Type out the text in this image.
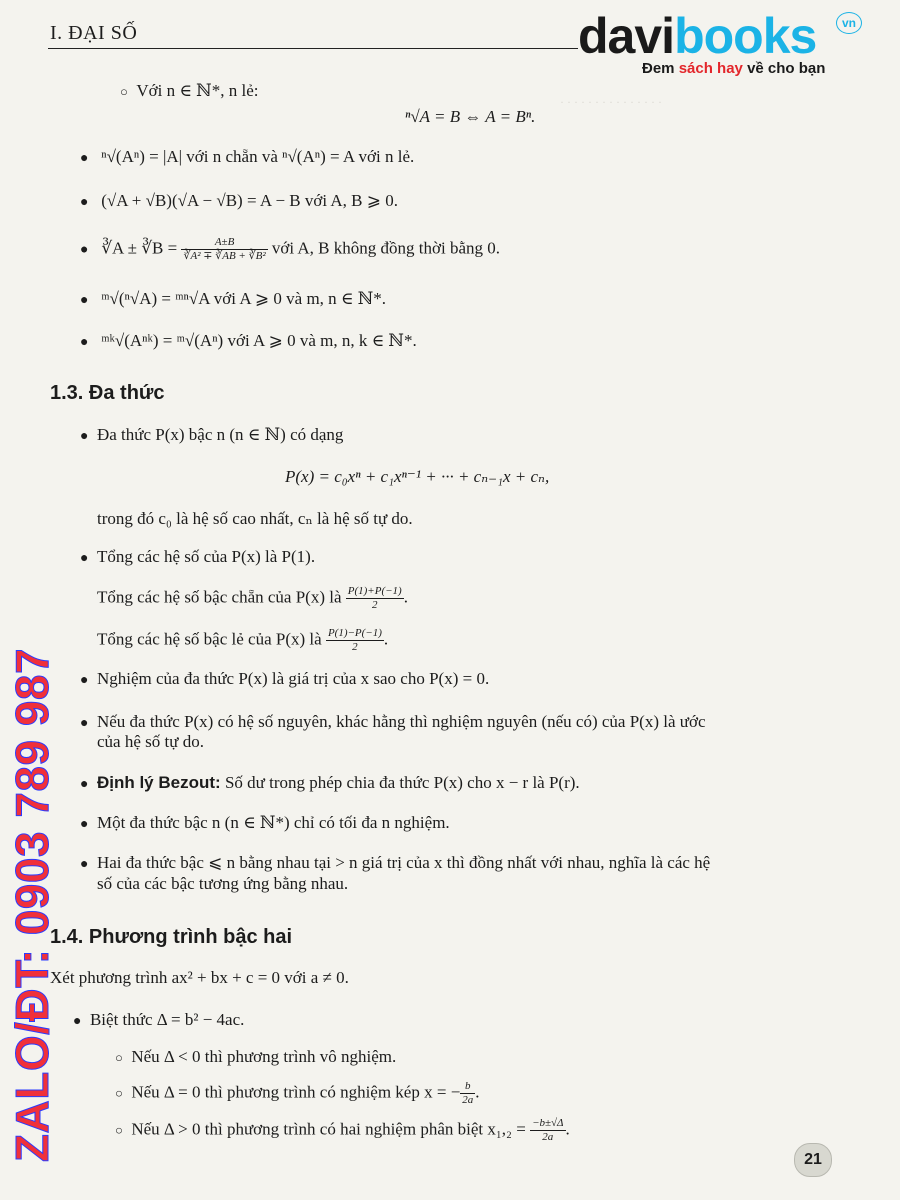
· · · · · · · · · · · · · · ·
I. ĐẠI SỐ	davibooks	vn
Đem sách hay về cho bạn
○ Với n ∈ ℕ*, n lẻ:
ⁿ√A = B ⇔ A = Bⁿ.
● ⁿ√(Aⁿ) = |A| với n chẵn và ⁿ√(Aⁿ) = A với n lẻ.
● (√A + √B)(√A − √B) = A − B với A, B ⩾ 0.
● ∛A ± ∛B = $\frac{A\pm B}{\text{∛A² ∓ ∛AB + ∛B²}}$ với A, B không đồng thời bằng 0.
● ᵐ√(ⁿ√A) = ᵐⁿ√A với A ⩾ 0 và m, n ∈ ℕ*.
● ᵐᵏ√(Aⁿᵏ) = ᵐ√(Aⁿ) với A ⩾ 0 và m, n, k ∈ ℕ*.
1.3. Đa thức
● Đa thức P(x) bậc n (n ∈ ℕ) có dạng
P(x) = c₀xⁿ + c₁xⁿ⁻¹ + ··· + cₙ₋₁x + cₙ,
trong đó c₀ là hệ số cao nhất, cₙ là hệ số tự do.
● Tổng các hệ số của P(x) là P(1).
Tổng các hệ số bậc chẵn của P(x) là $\frac{P(1)+P(-1)}{2}$ .
Tổng các hệ số bậc lẻ của P(x) là $\frac{P(1)-P(-1)}{2}$ .
● Nghiệm của đa thức P(x) là giá trị của x sao cho P(x) = 0.
● Nếu đa thức P(x) có hệ số nguyên, khác hằng thì nghiệm nguyên (nếu có) của P(x) là ước
của hệ số tự do.
● Định lý Bezout: Số dư trong phép chia đa thức P(x) cho x − r là P(r).
● Một đa thức bậc n (n ∈ ℕ*) chỉ có tối đa n nghiệm.
● Hai đa thức bậc ⩽ n bằng nhau tại > n giá trị của x thì đồng nhất với nhau, nghĩa là các hệ
số của các bậc tương ứng bằng nhau.
1.4. Phương trình bậc hai
Xét phương trình ax² + bx + c = 0 với a ≠ 0.
● Biệt thức Δ = b² − 4ac.
○ Nếu Δ < 0 thì phương trình vô nghiệm.
○ Nếu Δ = 0 thì phương trình có nghiệm kép x = − $\frac{b}{2a}$ .
○ Nếu Δ > 0 thì phương trình có hai nghiệm phân biệt $x_1,_2 = \frac{-b\pm√\Delta}{2a}$ .
21
ZALO/ĐT: 0903 789 987
